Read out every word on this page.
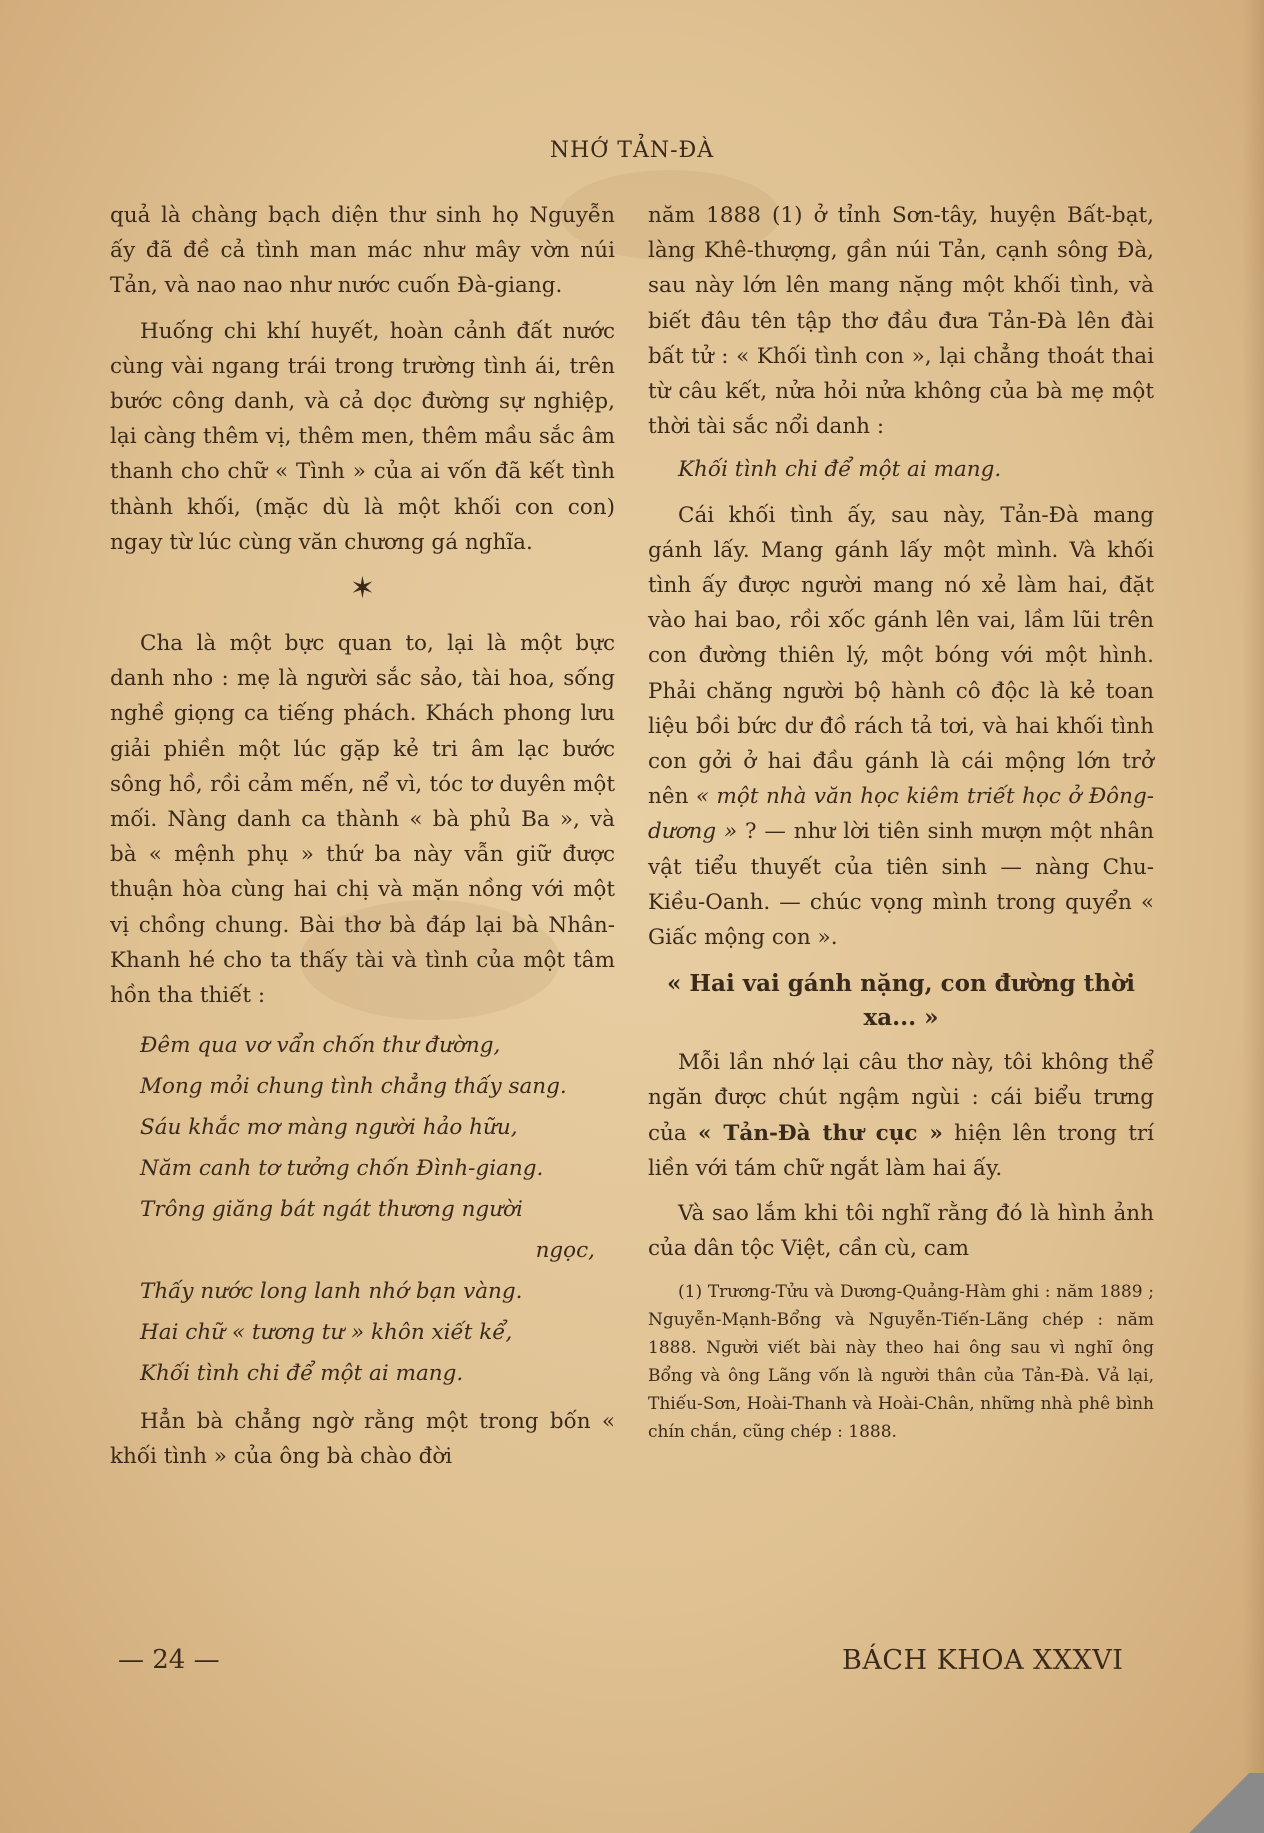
NHỚ TẢN-ĐÀ

quả là chàng bạch diện thư sinh họ Nguyễn ấy đã đề cả tình man mác như mây vờn núi Tản, và nao nao như nước cuốn Đà-giang.

Huống chi khí huyết, hoàn cảnh đất nước cùng vài ngang trái trong trường tình ái, trên bước công danh, và cả dọc đường sự nghiệp, lại càng thêm vị, thêm men, thêm mầu sắc âm thanh cho chữ « Tình » của ai vốn đã kết tình thành khối, (mặc dù là một khối con con) ngay từ lúc cùng văn chương gá nghĩa.

✶

Cha là một bực quan to, lại là một bực danh nho : mẹ là người sắc sảo, tài hoa, sống nghề giọng ca tiếng phách. Khách phong lưu giải phiền một lúc gặp kẻ tri âm lạc bước sông hồ, rồi cảm mến, nể vì, tóc tơ duyên một mối. Nàng danh ca thành « bà phủ Ba », và bà « mệnh phụ » thứ ba này vẫn giữ được thuận hòa cùng hai chị và mặn nồng với một vị chồng chung. Bài thơ bà đáp lại bà Nhân-Khanh hé cho ta thấy tài và tình của một tâm hồn tha thiết :

Đêm qua vơ vẩn chốn thư đường,
Mong mỏi chung tình chẳng thấy sang.
Sáu khắc mơ màng người hảo hữu,
Năm canh tơ tưởng chốn Đình-giang.
Trông giăng bát ngát thương người
ngọc,
Thấy nước long lanh nhớ bạn vàng.
Hai chữ « tương tư » khôn xiết kể,
Khối tình chi để một ai mang.

Hẳn bà chẳng ngờ rằng một trong bốn « khối tình » của ông bà chào đời

năm 1888 (1) ở tỉnh Sơn-tây, huyện Bất-bạt, làng Khê-thượng, gần núi Tản, cạnh sông Đà, sau này lớn lên mang nặng một khối tình, và biết đâu tên tập thơ đầu đưa Tản-Đà lên đài bất tử : « Khối tình con », lại chẳng thoát thai từ câu kết, nửa hỏi nửa không của bà mẹ một thời tài sắc nổi danh :

Khối tình chi để một ai mang.

Cái khối tình ấy, sau này, Tản-Đà mang gánh lấy. Mang gánh lấy một mình. Và khối tình ấy được người mang nó xẻ làm hai, đặt vào hai bao, rồi xốc gánh lên vai, lầm lũi trên con đường thiên lý, một bóng với một hình. Phải chăng người bộ hành cô độc là kẻ toan liệu bồi bức dư đồ rách tả tơi, và hai khối tình con gởi ở hai đầu gánh là cái mộng lớn trở nên « một nhà văn học kiêm triết học ở Đông-dương » ? — như lời tiên sinh mượn một nhân vật tiểu thuyết của tiên sinh — nàng Chu-Kiều-Oanh. — chúc vọng mình trong quyển « Giấc mộng con ».

« Hai vai gánh nặng, con đường thời xa... »

Mỗi lần nhớ lại câu thơ này, tôi không thể ngăn được chút ngậm ngùi : cái biểu trưng của « Tản-Đà thư cục » hiện lên trong trí liền với tám chữ ngắt làm hai ấy.

Và sao lắm khi tôi nghĩ rằng đó là hình ảnh của dân tộc Việt, cần cù, cam

(1) Trương-Tửu và Dương-Quảng-Hàm ghi : năm 1889 ; Nguyễn-Mạnh-Bổng và Nguyễn-Tiến-Lãng chép : năm 1888. Người viết bài này theo hai ông sau vì nghĩ ông Bổng và ông Lãng vốn là người thân của Tản-Đà. Vả lại, Thiếu-Sơn, Hoài-Thanh và Hoài-Chân, những nhà phê bình chín chắn, cũng chép : 1888.
— 24 —	BÁCH KHOA XXXVI
